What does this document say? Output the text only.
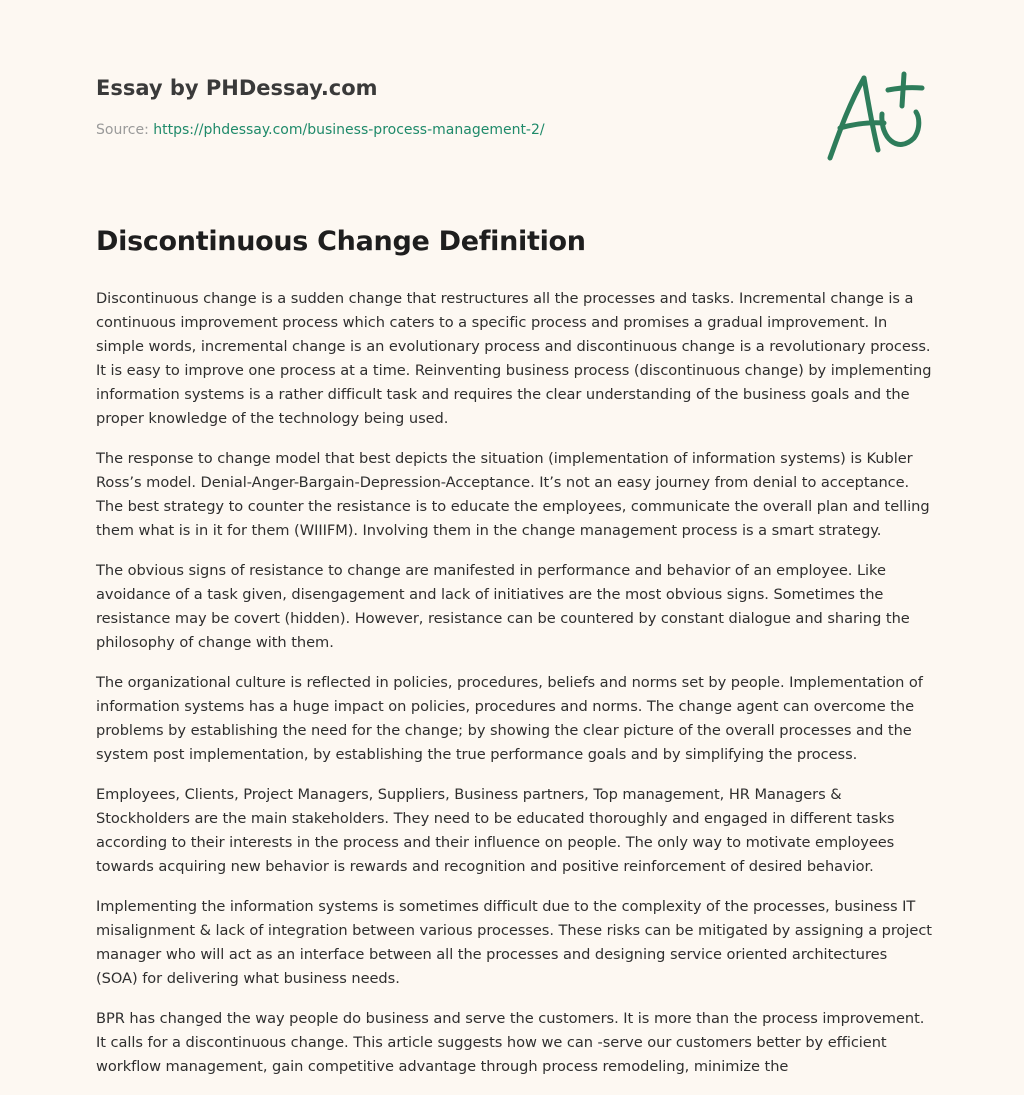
Essay by PHDessay.com
Source: https://phdessay.com/business-process-management-2/
Discontinuous Change Definition

Discontinuous change is a sudden change that restructures all the processes and tasks. Incremental change is a continuous improvement process which caters to a specific process and promises a gradual improvement. In simple words, incremental change is an evolutionary process and discontinuous change is a revolutionary process. It is easy to improve one process at a time. Reinventing business process (discontinuous change) by implementing information systems is a rather difficult task and requires the clear understanding of the business goals and the proper knowledge of the technology being used.

The response to change model that best depicts the situation (implementation of information systems) is Kubler Ross’s model. Denial-Anger-Bargain-Depression-Acceptance. It’s not an easy journey from denial to acceptance. The best strategy to counter the resistance is to educate the employees, communicate the overall plan and telling them what is in it for them (WIIIFM). Involving them in the change management process is a smart strategy.

The obvious signs of resistance to change are manifested in performance and behavior of an employee. Like avoidance of a task given, disengagement and lack of initiatives are the most obvious signs. Sometimes the resistance may be covert (hidden). However, resistance can be countered by constant dialogue and sharing the philosophy of change with them.

The organizational culture is reflected in policies, procedures, beliefs and norms set by people. Implementation of information systems has a huge impact on policies, procedures and norms. The change agent can overcome the problems by establishing the need for the change; by showing the clear picture of the overall processes and the system post implementation, by establishing the true performance goals and by simplifying the process.

Employees, Clients, Project Managers, Suppliers, Business partners, Top management, HR Managers & Stockholders are the main stakeholders. They need to be educated thoroughly and engaged in different tasks according to their interests in the process and their influence on people. The only way to motivate employees towards acquiring new behavior is rewards and recognition and positive reinforcement of desired behavior.

Implementing the information systems is sometimes difficult due to the complexity of the processes, business IT misalignment & lack of integration between various processes. These risks can be mitigated by assigning a project manager who will act as an interface between all the processes and designing service oriented architectures (SOA) for delivering what business needs.

BPR has changed the way people do business and serve the customers. It is more than the process improvement. It calls for a discontinuous change. This article suggests how we can -serve our customers better by efficient workflow management, gain competitive advantage through process remodeling, minimize the
